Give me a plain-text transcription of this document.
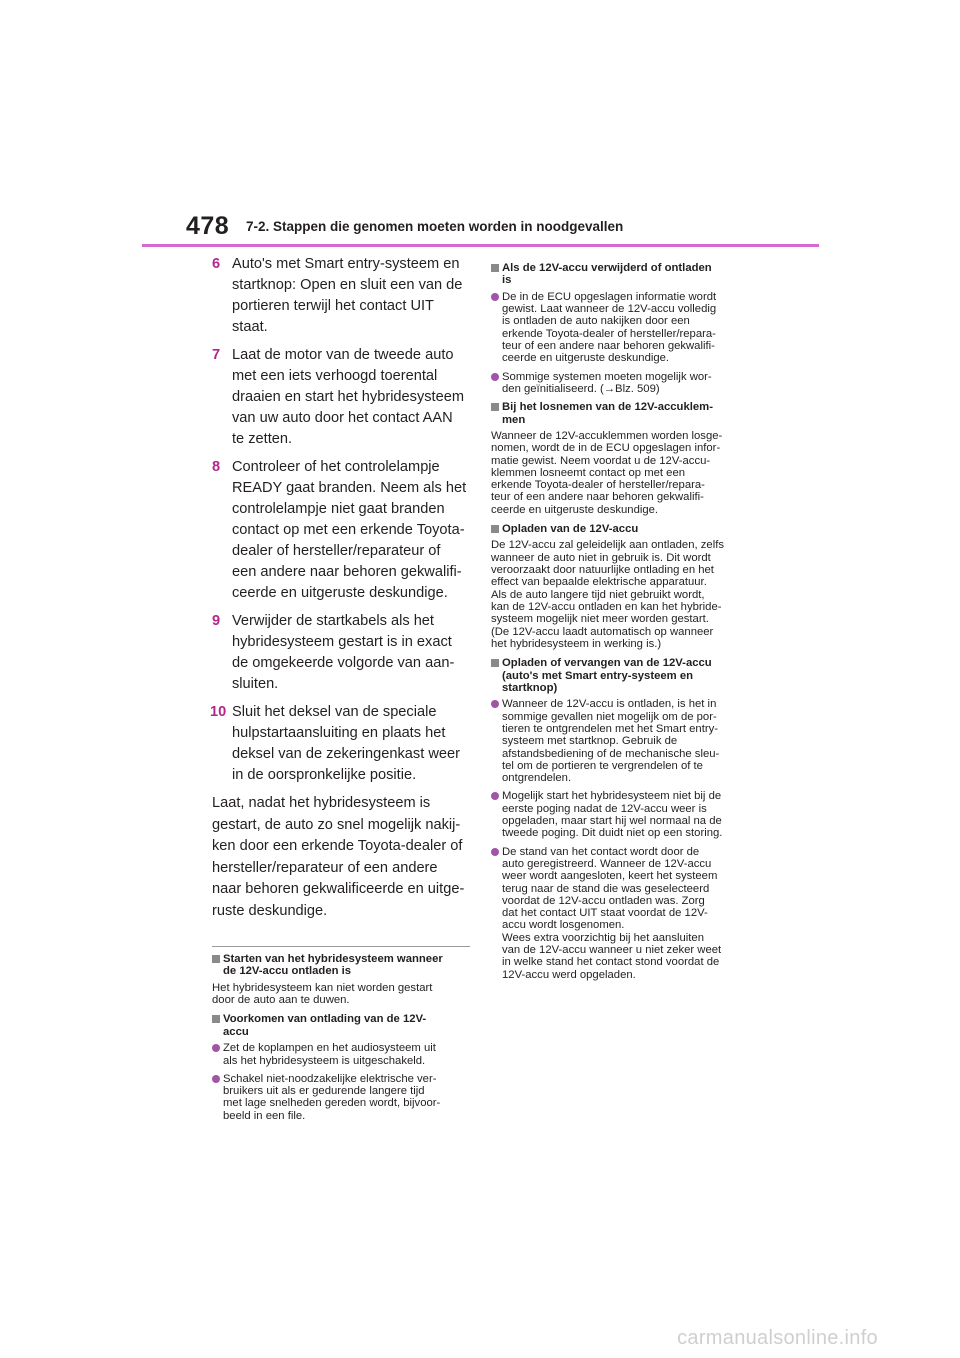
478 7-2. Stappen die genomen moeten worden in noodgevallen
6 Auto's met Smart entry-systeem en
startknop: Open en sluit een van de
portieren terwijl het contact UIT staat.
7 Laat de motor van de tweede auto
met een iets verhoogd toerental
draaien en start het hybridesysteem
van uw auto door het contact AAN
te zetten.
8 Controleer of het controlelampje
READY gaat branden. Neem als het
controlelampje niet gaat branden
contact op met een erkende Toyota-
dealer of hersteller/reparateur of
een andere naar behoren gekwalifi-
ceerde en uitgeruste deskundige.
9 Verwijder de startkabels als het
hybridesysteem gestart is in exact
de omgekeerde volgorde van aan-
sluiten.
10 Sluit het deksel van de speciale
hulpstartaansluiting en plaats het
deksel van de zekeringenkast weer
in de oorspronkelijke positie.
Laat, nadat het hybridesysteem is
gestart, de auto zo snel mogelijk nakij-
ken door een erkende Toyota-dealer of
hersteller/reparateur of een andere
naar behoren gekwalificeerde en uitge-
ruste deskundige.
Starten van het hybridesysteem wanneer
de 12V-accu ontladen is
Het hybridesysteem kan niet worden gestart
door de auto aan te duwen.
Voorkomen van ontlading van de 12V-
accu
Zet de koplampen en het audiosysteem uit
als het hybridesysteem is uitgeschakeld.
Schakel niet-noodzakelijke elektrische ver-
bruikers uit als er gedurende langere tijd
met lage snelheden gereden wordt, bijvoor-
beeld in een file.
Als de 12V-accu verwijderd of ontladen
is
De in de ECU opgeslagen informatie wordt
gewist. Laat wanneer de 12V-accu volledig
is ontladen de auto nakijken door een
erkende Toyota-dealer of hersteller/repara-
teur of een andere naar behoren gekwalifi-
ceerde en uitgeruste deskundige.
Sommige systemen moeten mogelijk wor-
den geïnitialiseerd. (→Blz. 509)
Bij het losnemen van de 12V-accuklem-
men
Wanneer de 12V-accuklemmen worden losge-
nomen, wordt de in de ECU opgeslagen infor-
matie gewist. Neem voordat u de 12V-accu-
klemmen losneemt contact op met een
erkende Toyota-dealer of hersteller/repara-
teur of een andere naar behoren gekwalifi-
ceerde en uitgeruste deskundige.
Opladen van de 12V-accu
De 12V-accu zal geleidelijk aan ontladen, zelfs
wanneer de auto niet in gebruik is. Dit wordt
veroorzaakt door natuurlijke ontlading en het
effect van bepaalde elektrische apparatuur.
Als de auto langere tijd niet gebruikt wordt,
kan de 12V-accu ontladen en kan het hybride-
systeem mogelijk niet meer worden gestart.
(De 12V-accu laadt automatisch op wanneer
het hybridesysteem in werking is.)
Opladen of vervangen van de 12V-accu
(auto's met Smart entry-systeem en
startknop)
Wanneer de 12V-accu is ontladen, is het in
sommige gevallen niet mogelijk om de por-
tieren te ontgrendelen met het Smart entry-
systeem met startknop. Gebruik de
afstandsbediening of de mechanische sleu-
tel om de portieren te vergrendelen of te
ontgrendelen.
Mogelijk start het hybridesysteem niet bij de
eerste poging nadat de 12V-accu weer is
opgeladen, maar start hij wel normaal na de
tweede poging. Dit duidt niet op een storing.
De stand van het contact wordt door de
auto geregistreerd. Wanneer de 12V-accu
weer wordt aangesloten, keert het systeem
terug naar de stand die was geselecteerd
voordat de 12V-accu ontladen was. Zorg
dat het contact UIT staat voordat de 12V-
accu wordt losgenomen.
Wees extra voorzichtig bij het aansluiten
van de 12V-accu wanneer u niet zeker weet
in welke stand het contact stond voordat de
12V-accu werd opgeladen.
carmanualsonline.info
